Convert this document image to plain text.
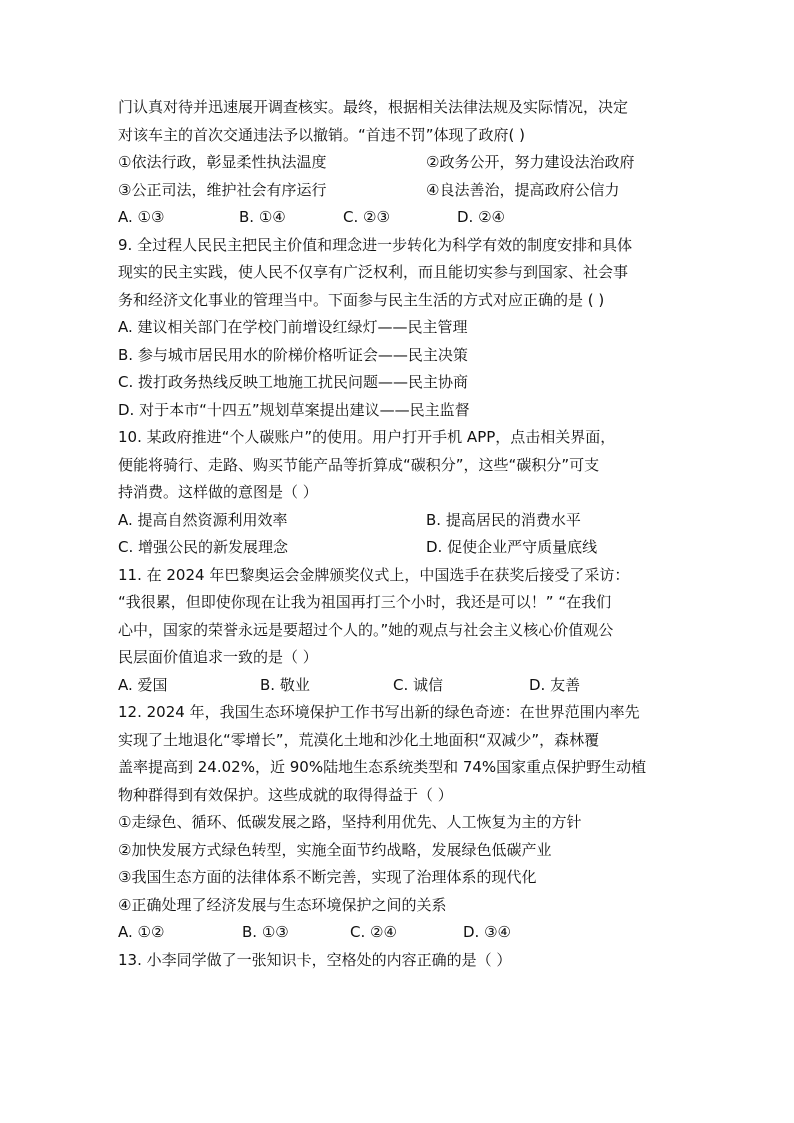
门认真对待并迅速展开调查核实。最终，根据相关法律法规及实际情况，决定
对该车主的首次交通违法予以撤销。“首违不罚”体现了政府( )
①依法行政，彰显柔性执法温度	②政务公开，努力建设法治政府
③公正司法，维护社会有序运行	④良法善治，提高政府公信力
A. ①③	B. ①④	C. ②③	D. ②④
9. 全过程人民民主把民主价值和理念进一步转化为科学有效的制度安排和具体
现实的民主实践，使人民不仅享有广泛权利，而且能切实参与到国家、社会事
务和经济文化事业的管理当中。下面参与民主生活的方式对应正确的是 ( )
A. 建议相关部门在学校门前增设红绿灯——民主管理
B. 参与城市居民用水的阶梯价格听证会——民主决策
C. 拨打政务热线反映工地施工扰民问题——民主协商
D. 对于本市“十四五”规划草案提出建议——民主监督
10. 某政府推进“个人碳账户”的使用。用户打开手机 APP，点击相关界面，
便能将骑行、走路、购买节能产品等折算成“碳积分”，这些“碳积分”可支
持消费。这样做的意图是（ ）
A. 提高自然资源利用效率	B. 提高居民的消费水平
C. 增强公民的新发展理念	D. 促使企业严守质量底线
11. 在 2024 年巴黎奥运会金牌颁奖仪式上，中国选手在获奖后接受了采访：
“我很累，但即使你现在让我为祖国再打三个小时，我还是可以！” “在我们
心中，国家的荣誉永远是要超过个人的。”她的观点与社会主义核心价值观公
民层面价值追求一致的是（ ）
A. 爱国	B. 敬业	C. 诚信	D. 友善
12. 2024 年，我国生态环境保护工作书写出新的绿色奇迹：在世界范围内率先
实现了土地退化“零增长”，荒漠化土地和沙化土地面积“双减少”，森林覆
盖率提高到 24.02%，近 90%陆地生态系统类型和 74%国家重点保护野生动植
物种群得到有效保护。这些成就的取得得益于（ ）
①走绿色、循环、低碳发展之路，坚持利用优先、人工恢复为主的方针
②加快发展方式绿色转型，实施全面节约战略，发展绿色低碳产业
③我国生态方面的法律体系不断完善，实现了治理体系的现代化
④正确处理了经济发展与生态环境保护之间的关系
A. ①②	B. ①③	C. ②④	D. ③④
13. 小李同学做了一张知识卡，空格处的内容正确的是（ ）
